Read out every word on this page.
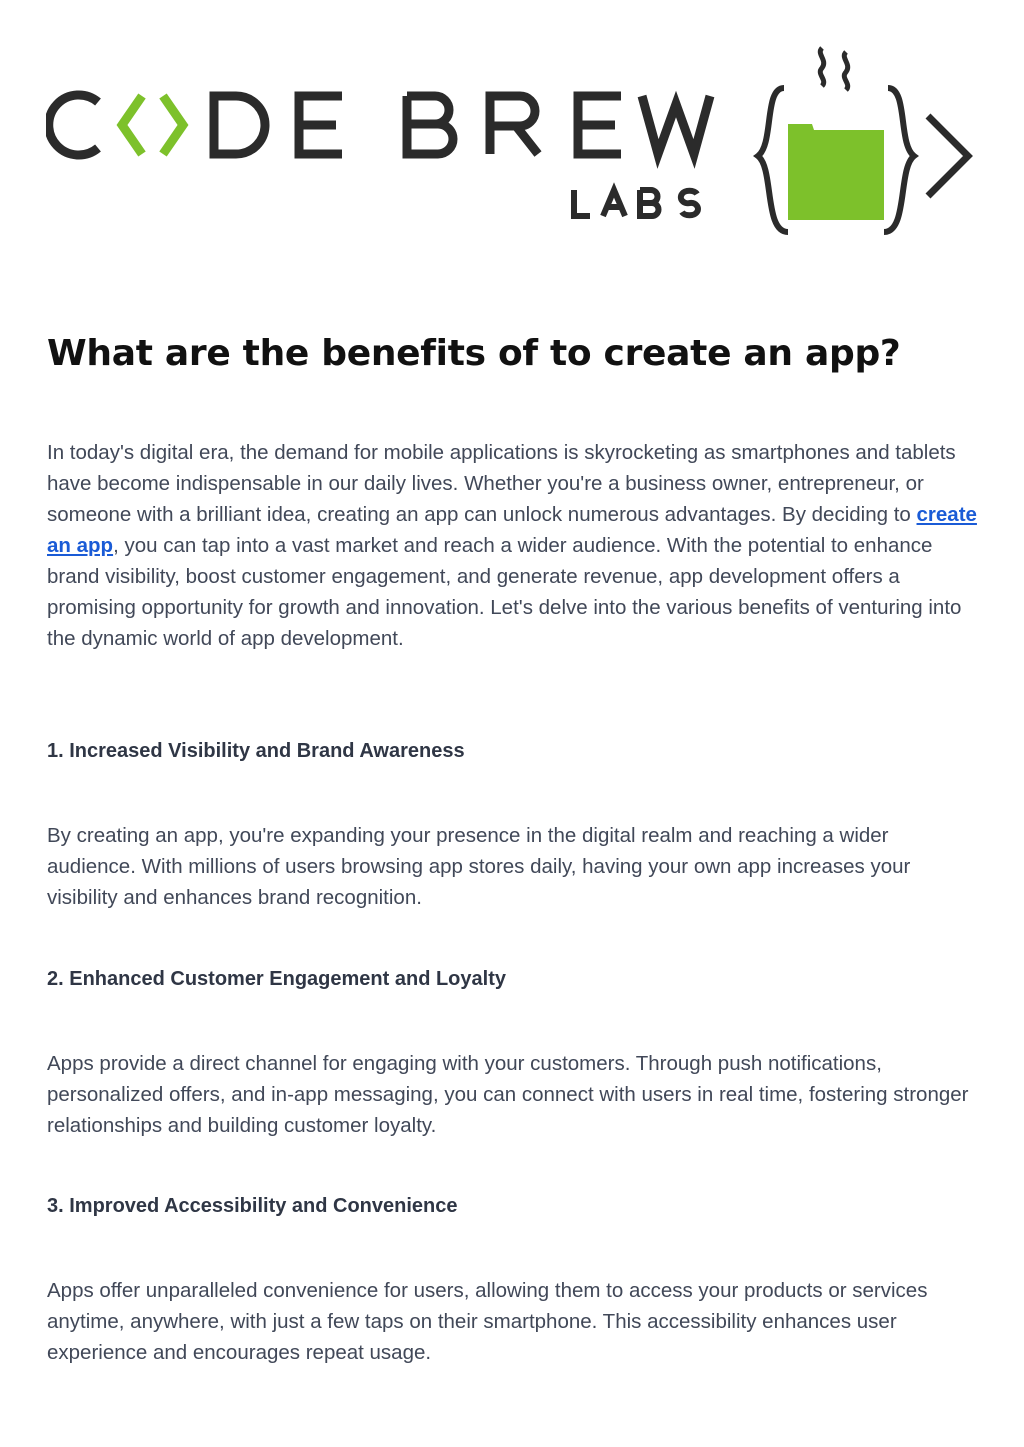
What are the benefits of to create an app?

In today's digital era, the demand for mobile applications is skyrocketing as smartphones and tablets have become indispensable in our daily lives. Whether you're a business owner, entrepreneur, or someone with a brilliant idea, creating an app can unlock numerous advantages. By deciding to create an app, you can tap into a vast market and reach a wider audience. With the potential to enhance brand visibility, boost customer engagement, and generate revenue, app development offers a promising opportunity for growth and innovation. Let's delve into the various benefits of venturing into the dynamic world of app development.

1. Increased Visibility and Brand Awareness

By creating an app, you're expanding your presence in the digital realm and reaching a wider audience. With millions of users browsing app stores daily, having your own app increases your visibility and enhances brand recognition.

2. Enhanced Customer Engagement and Loyalty

Apps provide a direct channel for engaging with your customers. Through push notifications, personalized offers, and in-app messaging, you can connect with users in real time, fostering stronger relationships and building customer loyalty.

3. Improved Accessibility and Convenience

Apps offer unparalleled convenience for users, allowing them to access your products or services anytime, anywhere, with just a few taps on their smartphone. This accessibility enhances user experience and encourages repeat usage.
